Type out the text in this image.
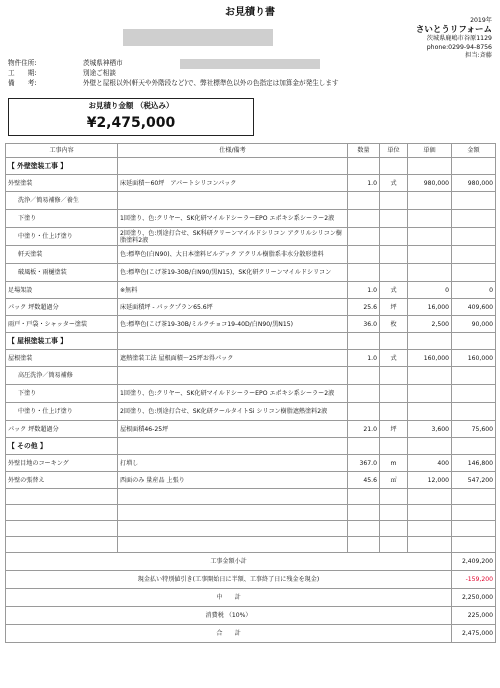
お見積り書
2019年
さいとうリフォーム
茨城県鹿嶋市谷原1129
phone:0299-94-8756
担当:斉藤
物件住所:	茨城県神栖市
工　　期:	別途ご相談
備　　考:	外壁と屋根以外(軒天や外階段など)で、弊社標準色以外の色指定は加算金が発生します
お見積り金額 （税込み）
¥2,475,000
工事内容	仕様/備考	数量	単位	単価	金額
【 外壁塗装工事 】					
外壁塗装	床延面積～60坪　アパートシリコンパック	1.0	式	980,000	980,000
洗浄／簡易補修／養生					
下塗り	1回塗り、色:クリヤー、SK化研マイルドシーラーEPO エポキシ系シーラー2液				
中塗り・仕上げ塗り	2回塗り、色:別途打合せ、SK科研クリーンマイルドシリコン アクリルシリコン樹脂塗料2液				
軒天塗装	色:標準色(白N90)、大日本塗料ビルデック アクリル樹脂系非水分散形塗料				
破風板・雨樋塗装	色:標準色(こげ茶19-30B/白N90/黒N15)、SK化研クリーンマイルドシリコン				
足場架設	※無料	1.0	式	0	0
パック 坪数超過分	床延面積坪 - パックプラン65.6坪	25.6	坪	16,000	409,600
雨戸・戸袋・シャッター塗装	色:標準色(こげ茶19-30B/ミルクチョコ19-40D/白N90/黒N15)	36.0	枚	2,500	90,000
【 屋根塗装工事 】					
屋根塗装	遮熱塗装工法 屋根面積～25坪お得パック	1.0	式	160,000	160,000
高圧洗浄／簡易補修					
下塗り	1回塗り、色:クリヤー、SK化研マイルドシーラーEPO エポキシ系シーラー2液				
中塗り・仕上げ塗り	2回塗り、色:別途打合せ、SK化研クールタイトSi シリコン樹脂遮熱塗料2液				
パック 坪数超過分	屋根面積46-25坪	21.0	坪	3,600	75,600
【 その他 】					
外壁目地のコーキング	打増し	367.0	m	400	146,800
外壁の張替え	西面のみ 量産品 上張り	45.6	㎡	12,000	547,200

工事金額小計					2,409,200
現金払い特別値引き(工事開始日に半額、工事終了日に残金を現金)					-159,200
中　　計					2,250,000
消費税 （10%）					225,000
合　　計					2,475,000
